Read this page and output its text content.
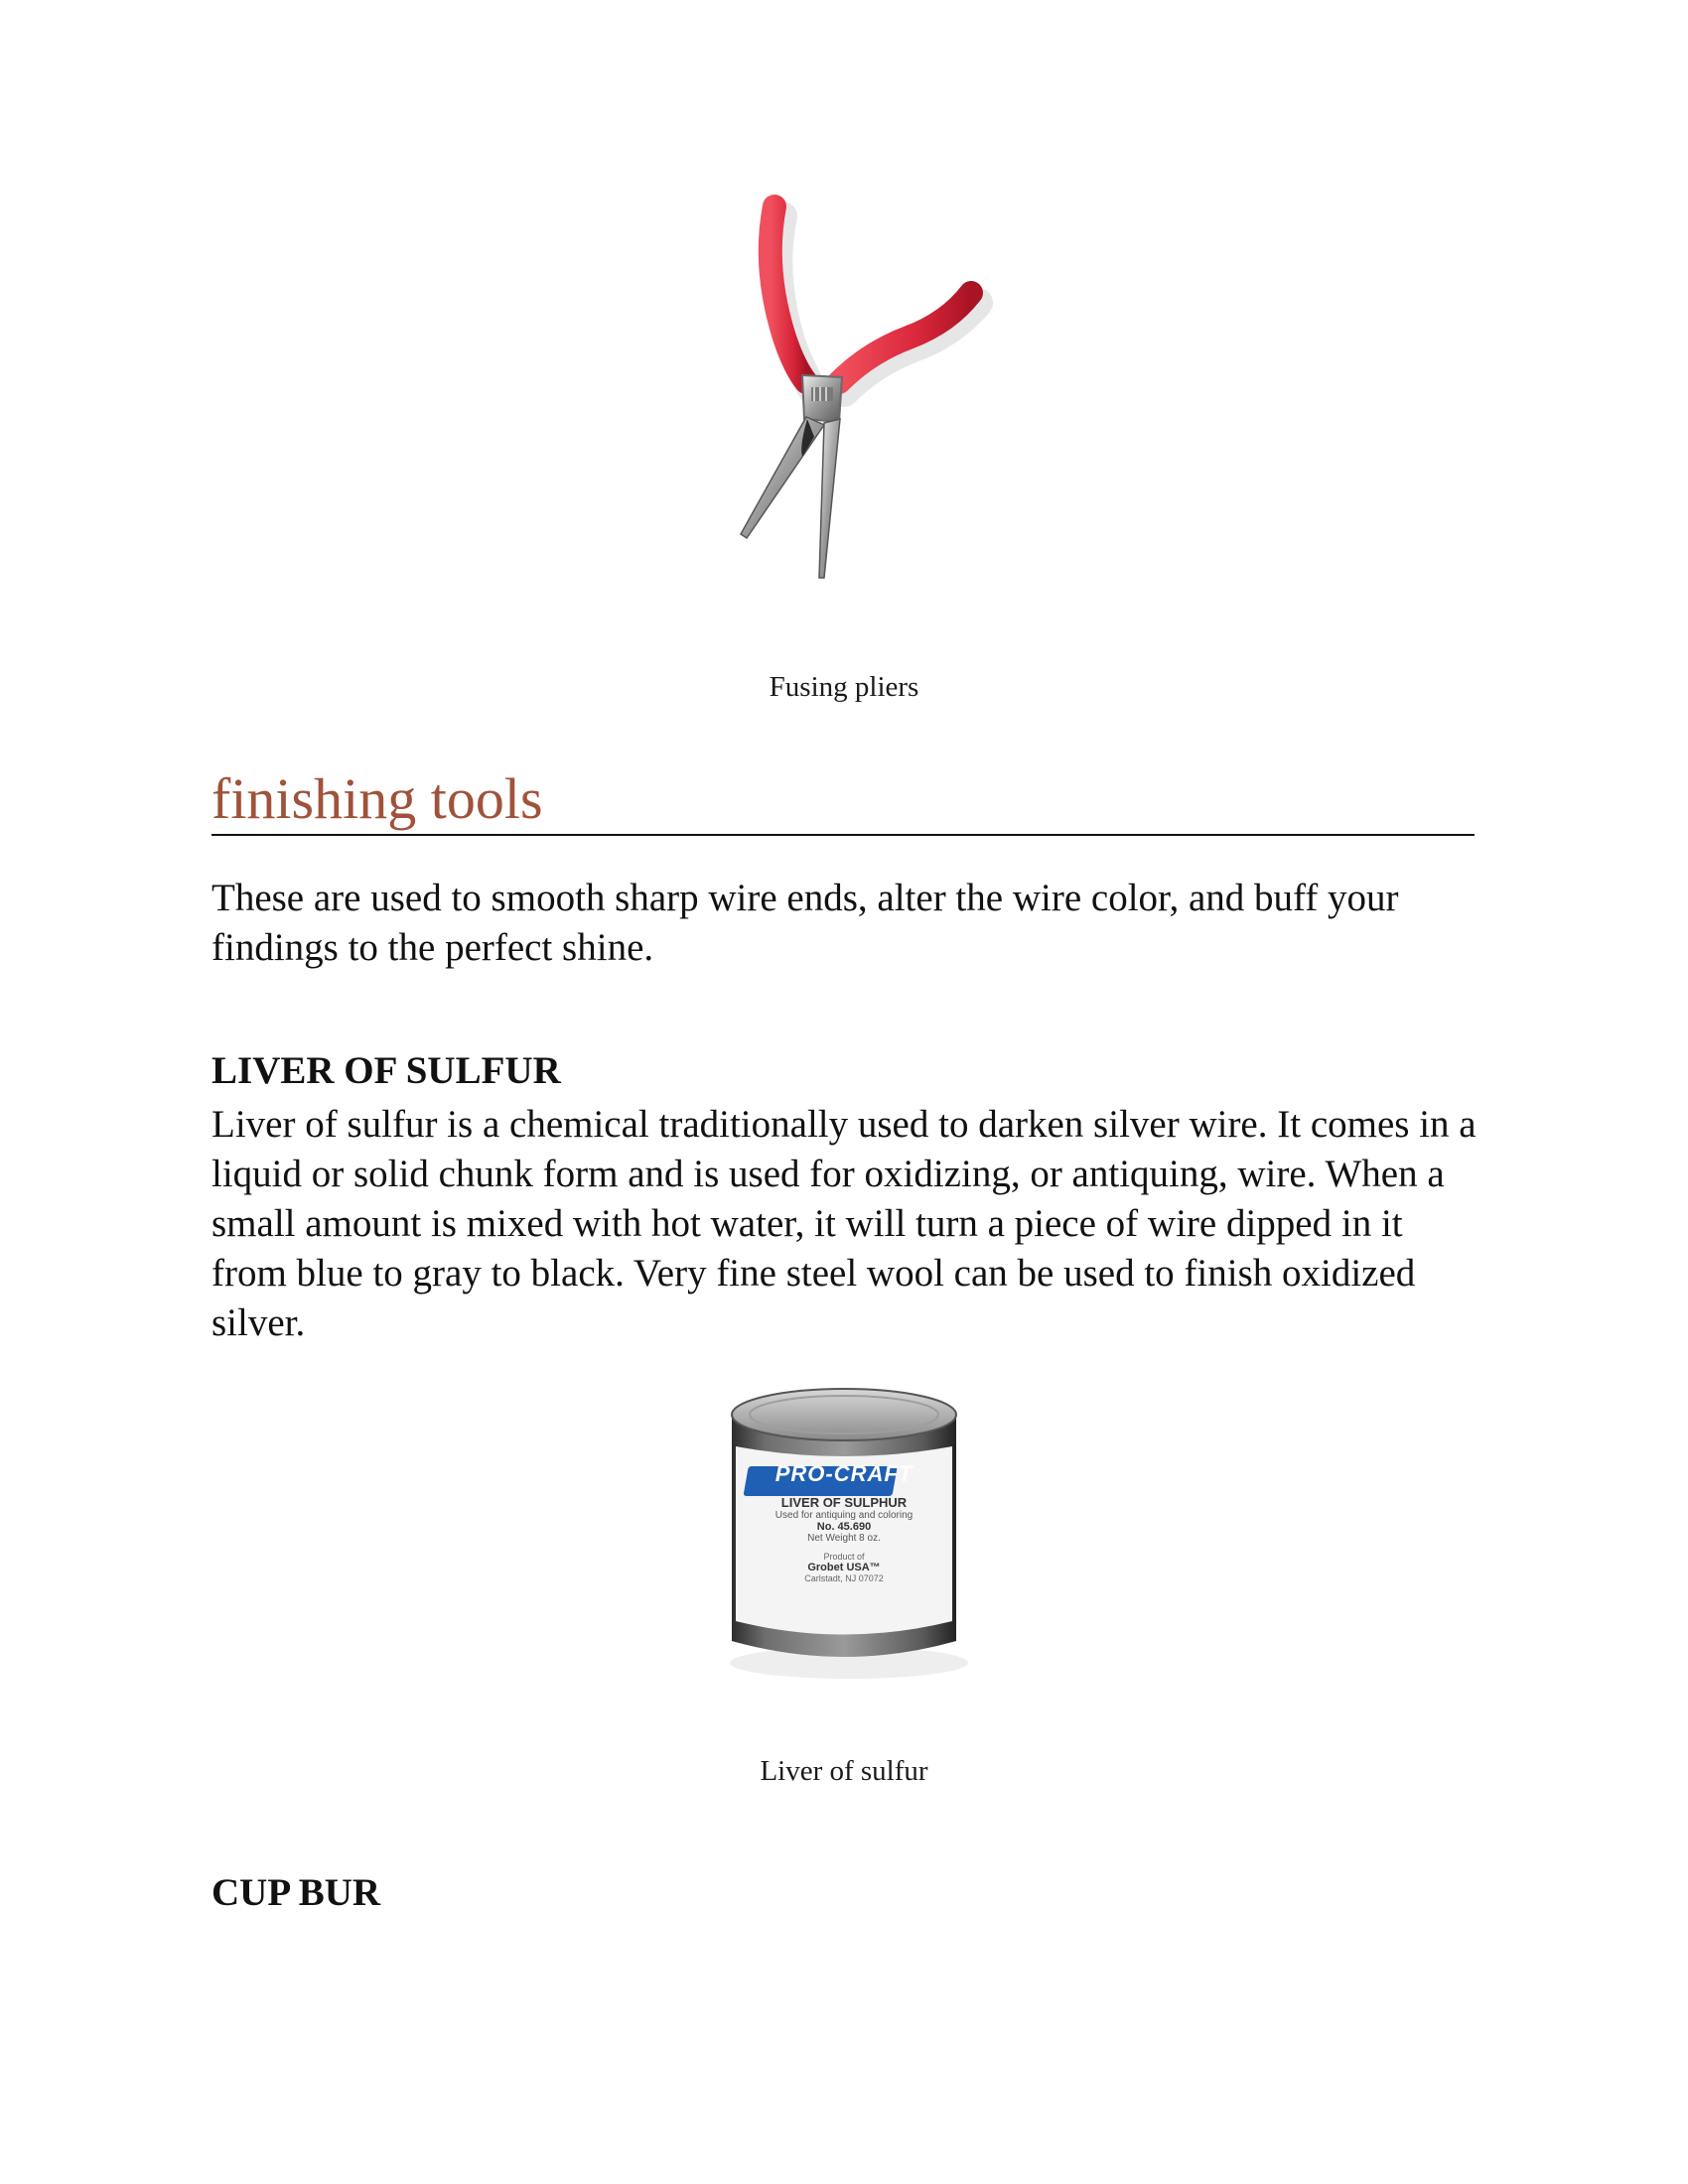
Fusing pliers
finishing tools

These are used to smooth sharp wire ends, alter the wire color, and buff your findings to the perfect shine.

LIVER OF SULFUR

Liver of sulfur is a chemical traditionally used to darken silver wire. It comes in a liquid or solid chunk form and is used for oxidizing, or antiquing, wire. When a small amount is mixed with hot water, it will turn a piece of wire dipped in it from blue to gray to black. Very fine steel wool can be used to finish oxidized silver.

PRO-CRAFT
LIVER OF SULPHUR
Used for antiquing and coloring
No. 45.690
Net Weight 8 oz.
Product of
Grobet USA™
Carlstadt, NJ 07072
Liver of sulfur
CUP BUR
